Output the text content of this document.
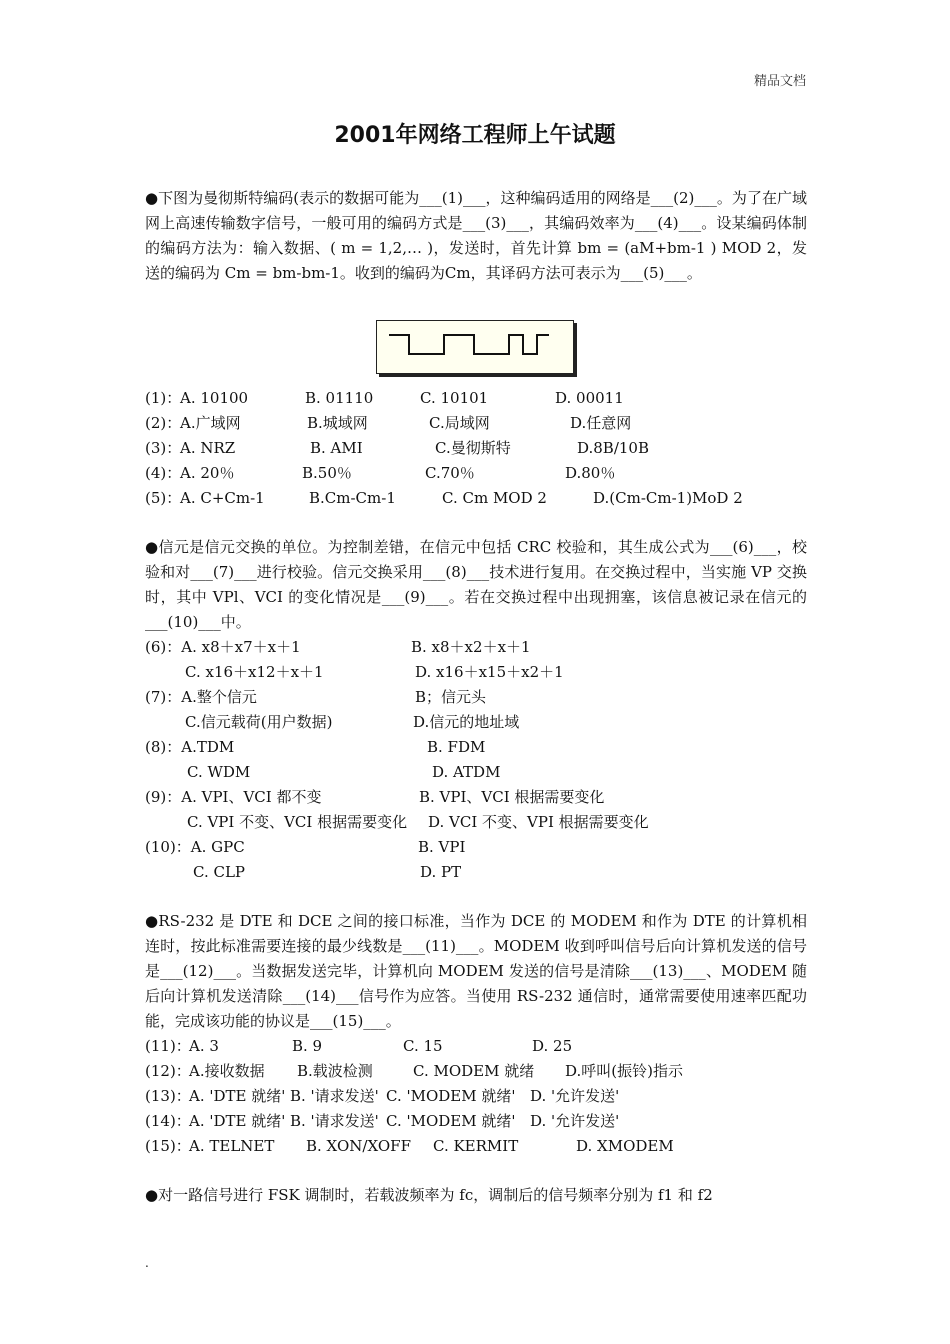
精品文档
2001年网络工程师上午试题
●下图为曼彻斯特编码(表示的数据可能为___(1)___，这种编码适用的网络是___(2)___。为了在广域网上高速传输数字信号，一般可用的编码方式是___(3)___，其编码效率为___(4)___。设某编码体制的编码方法为：输入数据、( m = 1,2,… )，发送时，首先计算 bm = (aM+bm-1 ) MOD 2，发送的编码为 Cm = bm-bm-1。收到的编码为Cm，其译码方法可表示为___(5)___。
(1)：
A. 10100	B. 01110	C. 10101	D. 00011
(2)：
A.广域网	B.城域网	C.局域网	D.任意网
(3)：
A. NRZ	B. AMI	C.曼彻斯特	D.8B/10B
(4)：
A. 20％	B.50％	C.70％	D.80％
(5)：
A. C+Cm-1	B.Cm-Cm-1	C. Cm MOD 2	D.(Cm-Cm-1)MoD 2
●信元是信元交换的单位。为控制差错，在信元中包括 CRC 校验和，其生成公式为___(6)___，校验和对___(7)___进行校验。信元交换采用___(8)___技术进行复用。在交换过程中，当实施 VP 交换时，其中 VPl、VCI 的变化情况是___(9)___。若在交换过程中出现拥塞，该信息被记录在信元的___(10)___中。
(6)：A. x8＋x7＋x＋1	B. x8＋x2＋x＋1
C. x16＋x12＋x＋1	D. x16＋x15＋x2＋1
(7)：A.整个信元	B；信元头
C.信元载荷(用户数据)	D.信元的地址域
(8)：A.TDM	B. FDM
C. WDM	D. ATDM
(9)：A. VPI、VCI 都不变	B. VPI、VCI 根据需要变化
C. VPI 不变、VCI 根据需要变化 D. VCI 不变、VPI 根据需要变化
(10)：A. GPC	B. VPI
C. CLP	D. PT
●RS-232 是 DTE 和 DCE 之间的接口标准，当作为 DCE 的 MODEM 和作为 DTE 的计算机相连时，按此标准需要连接的最少线数是___(11)___。MODEM 收到呼叫信号后向计算机发送的信号是___(12)___。当数据发送完毕，计算机向 MODEM 发送的信号是清除___(13)___、MODEM 随后向计算机发送清除___(14)___信号作为应答。当使用 RS-232 通信时，通常需要使用速率匹配功能，完成该功能的协议是___(15)___。
(11)：
A. 3	B. 9	C. 15	D. 25
(12)：
A.接收数据 B.载波检测	C. MODEM 就绪 D.呼叫(振铃)指示
(13)：
A. 'DTE 就绪' B. '请求发送' C. 'MODEM 就绪' D. '允许发送'
(14)：
A. 'DTE 就绪' B. '请求发送' C. 'MODEM 就绪' D. '允许发送'
(15)：
A. TELNET B. XON/XOFF C. KERMIT	D. XMODEM
●对一路信号进行 FSK 调制时，若载波频率为 fc，调制后的信号频率分别为 f1 和 f2
.
